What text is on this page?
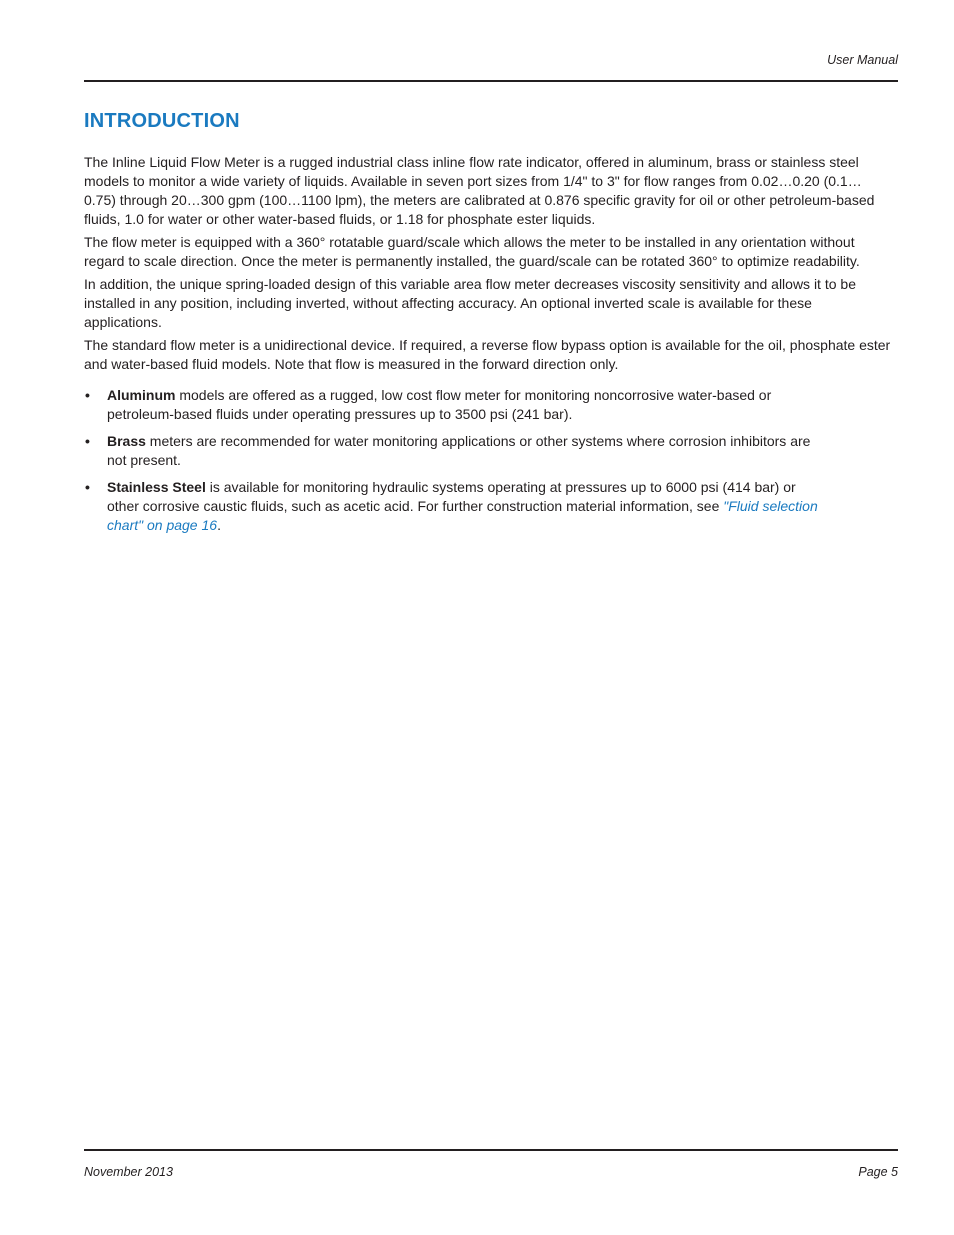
User Manual
INTRODUCTION

The Inline Liquid Flow Meter is a rugged industrial class inline flow rate indicator, offered in aluminum, brass or stainless steel models to monitor a wide variety of liquids. Available in seven port sizes from 1/4" to 3" for flow ranges from 0.02…0.20 (0.1…0.75) through 20…300 gpm (100…1100 lpm), the meters are calibrated at 0.876 specific gravity for oil or other petroleum-based fluids, 1.0 for water or other water-based fluids, or 1.18 for phosphate ester liquids.

The flow meter is equipped with a 360° rotatable guard/scale which allows the meter to be installed in any orientation without regard to scale direction. Once the meter is permanently installed, the guard/scale can be rotated 360° to optimize readability.

In addition, the unique spring-loaded design of this variable area flow meter decreases viscosity sensitivity and allows it to be installed in any position, including inverted, without affecting accuracy. An optional inverted scale is available for these applications.

The standard flow meter is a unidirectional device. If required, a reverse flow bypass option is available for the oil, phosphate ester and water-based fluid models. Note that flow is measured in the forward direction only.

• Aluminum models are offered as a rugged, low cost flow meter for monitoring noncorrosive water-based or petroleum-based fluids under operating pressures up to 3500 psi (241 bar).
• Brass meters are recommended for water monitoring applications or other systems where corrosion inhibitors are not present.
• Stainless Steel is available for monitoring hydraulic systems operating at pressures up to 6000 psi (414 bar) or other corrosive caustic fluids, such as acetic acid. For further construction material information, see "Fluid selection chart" on page 16.
November 2013	Page 5
